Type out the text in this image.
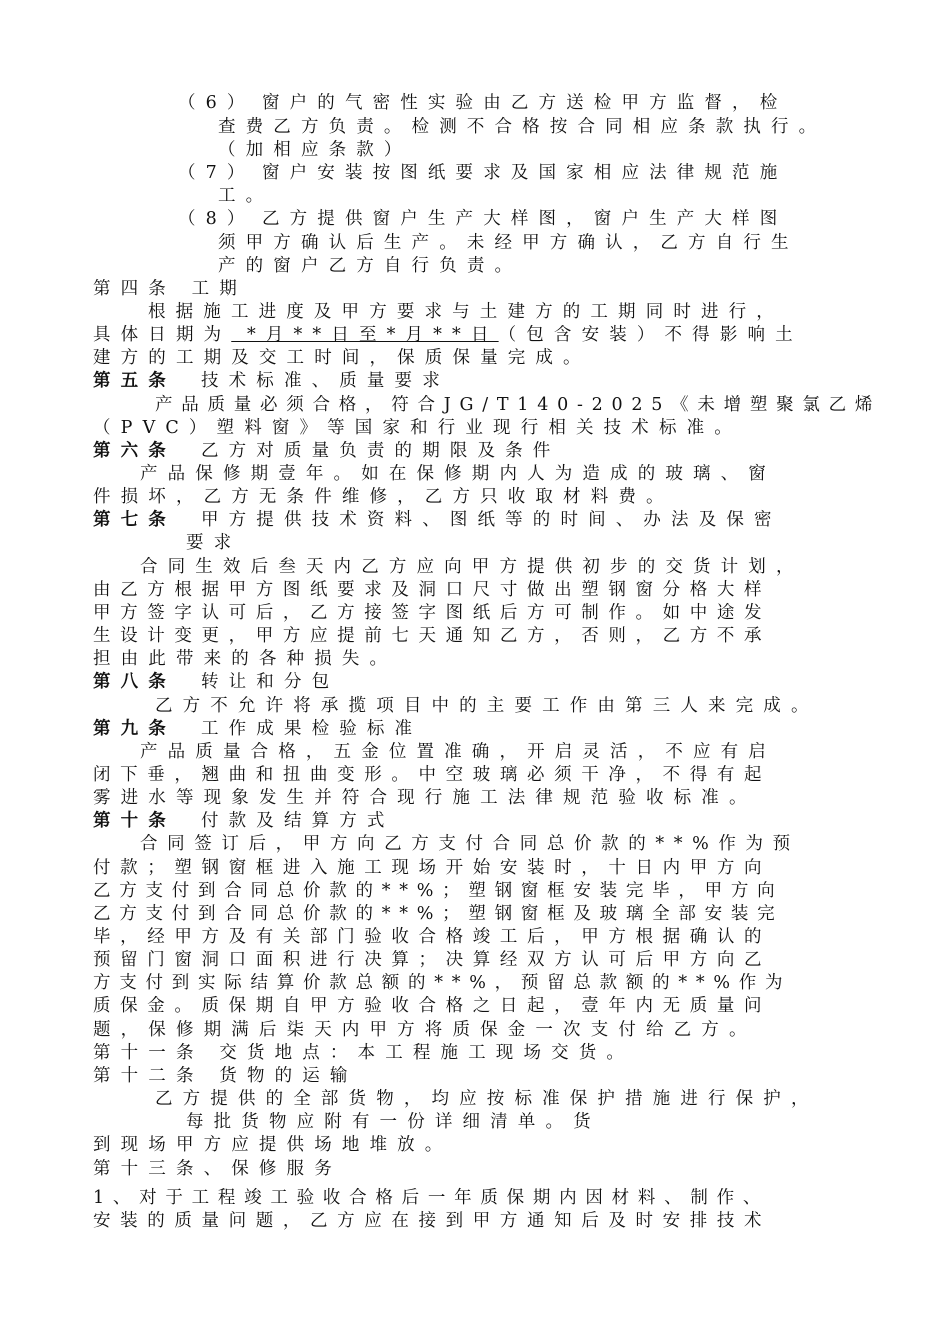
（6） 窗户的气密性实验由乙方送检甲方监督，检
查费乙方负责。检测不合格按合同相应条款执行。
（加相应条款）
（7） 窗户安装按图纸要求及国家相应法律规范施
工。
（8） 乙方提供窗户生产大样图，窗户生产大样图
须甲方确认后生产。未经甲方确认，乙方自行生
产的窗户乙方自行负责。
第四条 工期
根据施工进度及甲方要求与土建方的工期同时进行，
具体日期为 *月**日至*月**日（包含安装）不得影响土
建方的工期及交工时间，保质保量完成。
第五条 技术标准、质量要求
产品质量必须合格，符合JG/T140-2025《未增塑聚氯乙烯
（PVC）塑料窗》等国家和行业现行相关技术标准。
第六条 乙方对质量负责的期限及条件
产品保修期壹年。如在保修期内人为造成的玻璃、窗
件损坏，乙方无条件维修，乙方只收取材料费。
第七条 甲方提供技术资料、图纸等的时间、办法及保密
要求
合同生效后叁天内乙方应向甲方提供初步的交货计划，
由乙方根据甲方图纸要求及洞口尺寸做出塑钢窗分格大样
甲方签字认可后，乙方接签字图纸后方可制作。如中途发
生设计变更，甲方应提前七天通知乙方，否则，乙方不承
担由此带来的各种损失。
第八条 转让和分包
乙方不允许将承揽项目中的主要工作由第三人来完成。
第九条 工作成果检验标准
产品质量合格，五金位置准确，开启灵活，不应有启
闭下垂，翘曲和扭曲变形。中空玻璃必须干净，不得有起
雾进水等现象发生并符合现行施工法律规范验收标准。
第十条 付款及结算方式
合同签订后，甲方向乙方支付合同总价款的**%作为预
付款；塑钢窗框进入施工现场开始安装时，十日内甲方向
乙方支付到合同总价款的**%；塑钢窗框安装完毕，甲方向
乙方支付到合同总价款的**%；塑钢窗框及玻璃全部安装完
毕，经甲方及有关部门验收合格竣工后，甲方根据确认的
预留门窗洞口面积进行决算；决算经双方认可后甲方向乙
方支付到实际结算价款总额的**%，预留总款额的**%作为
质保金。质保期自甲方验收合格之日起，壹年内无质量问
题，保修期满后柒天内甲方将质保金一次支付给乙方。
第十一条 交货地点：本工程施工现场交货。
第十二条 货物的运输
乙方提供的全部货物，均应按标准保护措施进行保护，
每批货物应附有一份详细清单。货
到现场甲方应提供场地堆放。
第十三条、保修服务
1、对于工程竣工验收合格后一年质保期内因材料、制作、
安装的质量问题，乙方应在接到甲方通知后及时安排技术
